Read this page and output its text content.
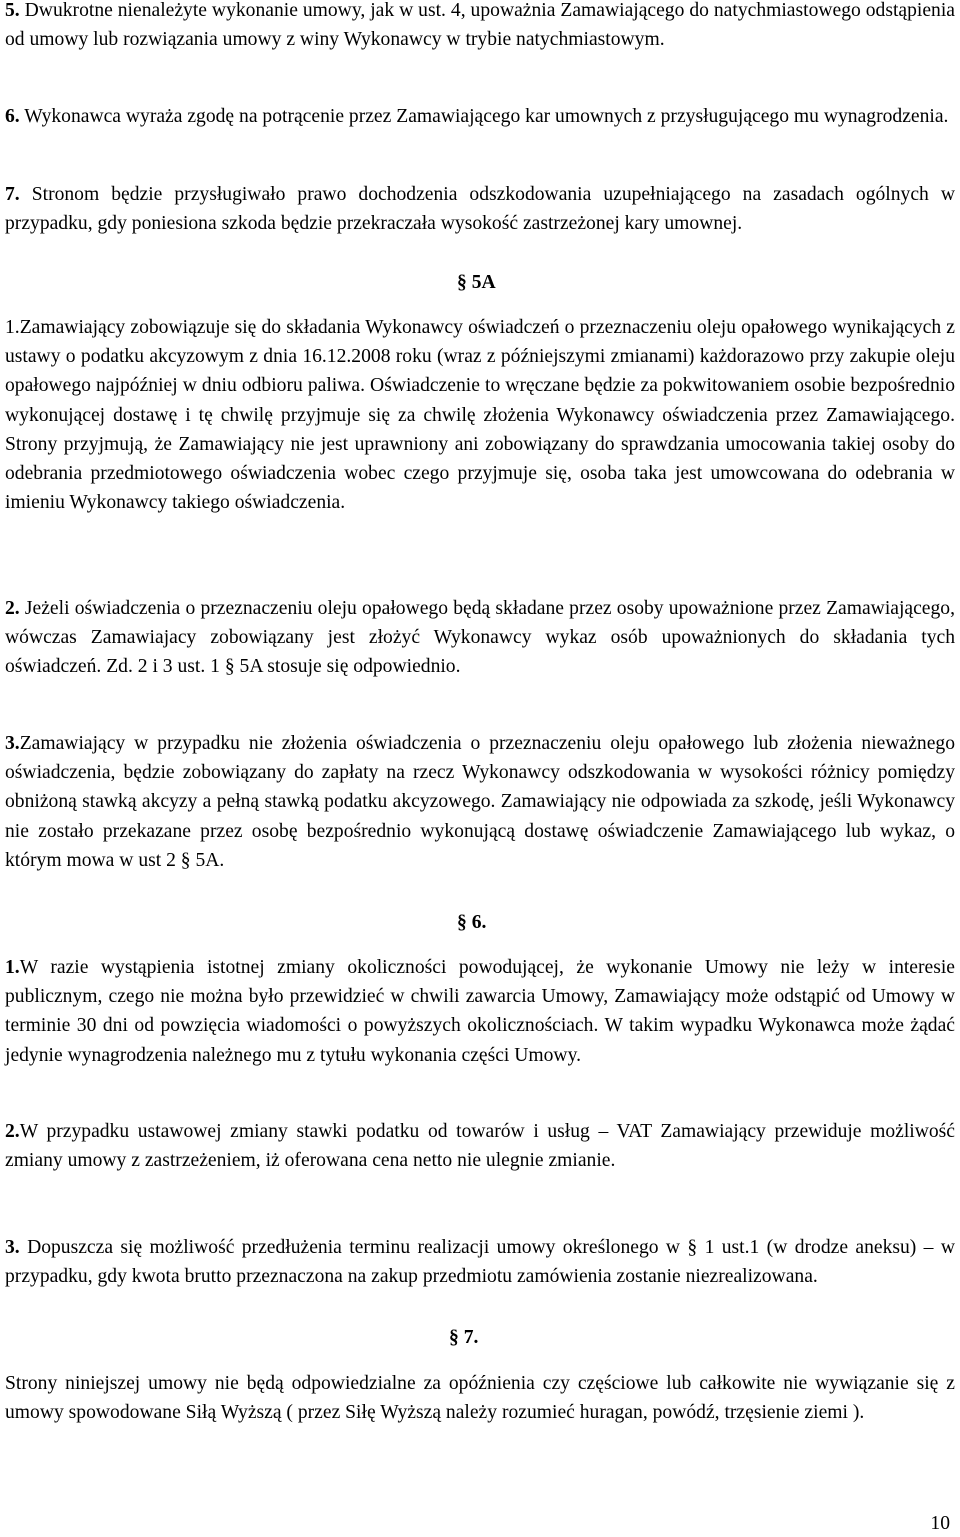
5. Dwukrotne nienależyte wykonanie umowy, jak w ust. 4, upoważnia Zamawiającego do natychmiastowego odstąpienia od umowy lub rozwiązania umowy z winy Wykonawcy w trybie natychmiastowym.

6. Wykonawca wyraża zgodę na potrącenie przez Zamawiającego kar umownych z przysługującego mu wynagrodzenia.

7. Stronom będzie przysługiwało prawo dochodzenia odszkodowania uzupełniającego na zasadach ogólnych w przypadku, gdy poniesiona szkoda będzie przekraczała wysokość zastrzeżonej kary umownej.

§ 5A

1.Zamawiający zobowiązuje się do składania Wykonawcy oświadczeń o przeznaczeniu oleju opałowego wynikających z ustawy o podatku akcyzowym z dnia 16.12.2008 roku (wraz z późniejszymi zmianami) każdorazowo przy zakupie oleju opałowego najpóźniej w dniu odbioru paliwa. Oświadczenie to wręczane będzie za pokwitowaniem osobie bezpośrednio wykonującej dostawę i tę chwilę przyjmuje się za chwilę złożenia Wykonawcy oświadczenia przez Zamawiającego. Strony przyjmują, że Zamawiający nie jest uprawniony ani zobowiązany do sprawdzania umocowania takiej osoby do odebrania przedmiotowego oświadczenia wobec czego przyjmuje się, osoba taka jest umowcowana do odebrania w imieniu Wykonawcy takiego oświadczenia.

2. Jeżeli oświadczenia o przeznaczeniu oleju opałowego będą składane przez osoby upoważnione przez Zamawiającego, wówczas Zamawiajacy zobowiązany jest złożyć Wykonawcy wykaz osób upoważnionych do składania tych oświadczeń. Zd. 2 i 3 ust. 1 § 5A stosuje się odpowiednio.

3.Zamawiający w przypadku nie złożenia oświadczenia o przeznaczeniu oleju opałowego lub złożenia nieważnego oświadczenia, będzie zobowiązany do zapłaty na rzecz Wykonawcy odszkodowania w wysokości różnicy pomiędzy obniżoną stawką akcyzy a pełną stawką podatku akcyzowego. Zamawiający nie odpowiada za szkodę, jeśli Wykonawcy nie zostało przekazane przez osobę bezpośrednio wykonującą dostawę oświadczenie Zamawiającego lub wykaz, o którym mowa w ust 2 § 5A.

§ 6.

1.W razie wystąpienia istotnej zmiany okoliczności powodującej, że wykonanie Umowy nie leży w interesie publicznym, czego nie można było przewidzieć w chwili zawarcia Umowy, Zamawiający może odstąpić od Umowy w terminie 30 dni od powzięcia wiadomości o powyższych okolicznościach. W takim wypadku Wykonawca może żądać jedynie wynagrodzenia należnego mu z tytułu wykonania części Umowy.

2.W przypadku ustawowej zmiany stawki podatku od towarów i usług – VAT Zamawiający przewiduje możliwość zmiany umowy z zastrzeżeniem, iż oferowana cena netto nie ulegnie zmianie.

3. Dopuszcza się możliwość przedłużenia terminu realizacji umowy określonego w § 1 ust.1 (w drodze aneksu) – w przypadku, gdy kwota brutto przeznaczona na zakup przedmiotu zamówienia zostanie niezrealizowana.

§ 7.

Strony niniejszej umowy nie będą odpowiedzialne za opóźnienia czy częściowe lub całkowite nie wywiązanie się z umowy spowodowane Siłą Wyższą ( przez Siłę Wyższą należy rozumieć huragan, powódź, trzęsienie ziemi ).

10
